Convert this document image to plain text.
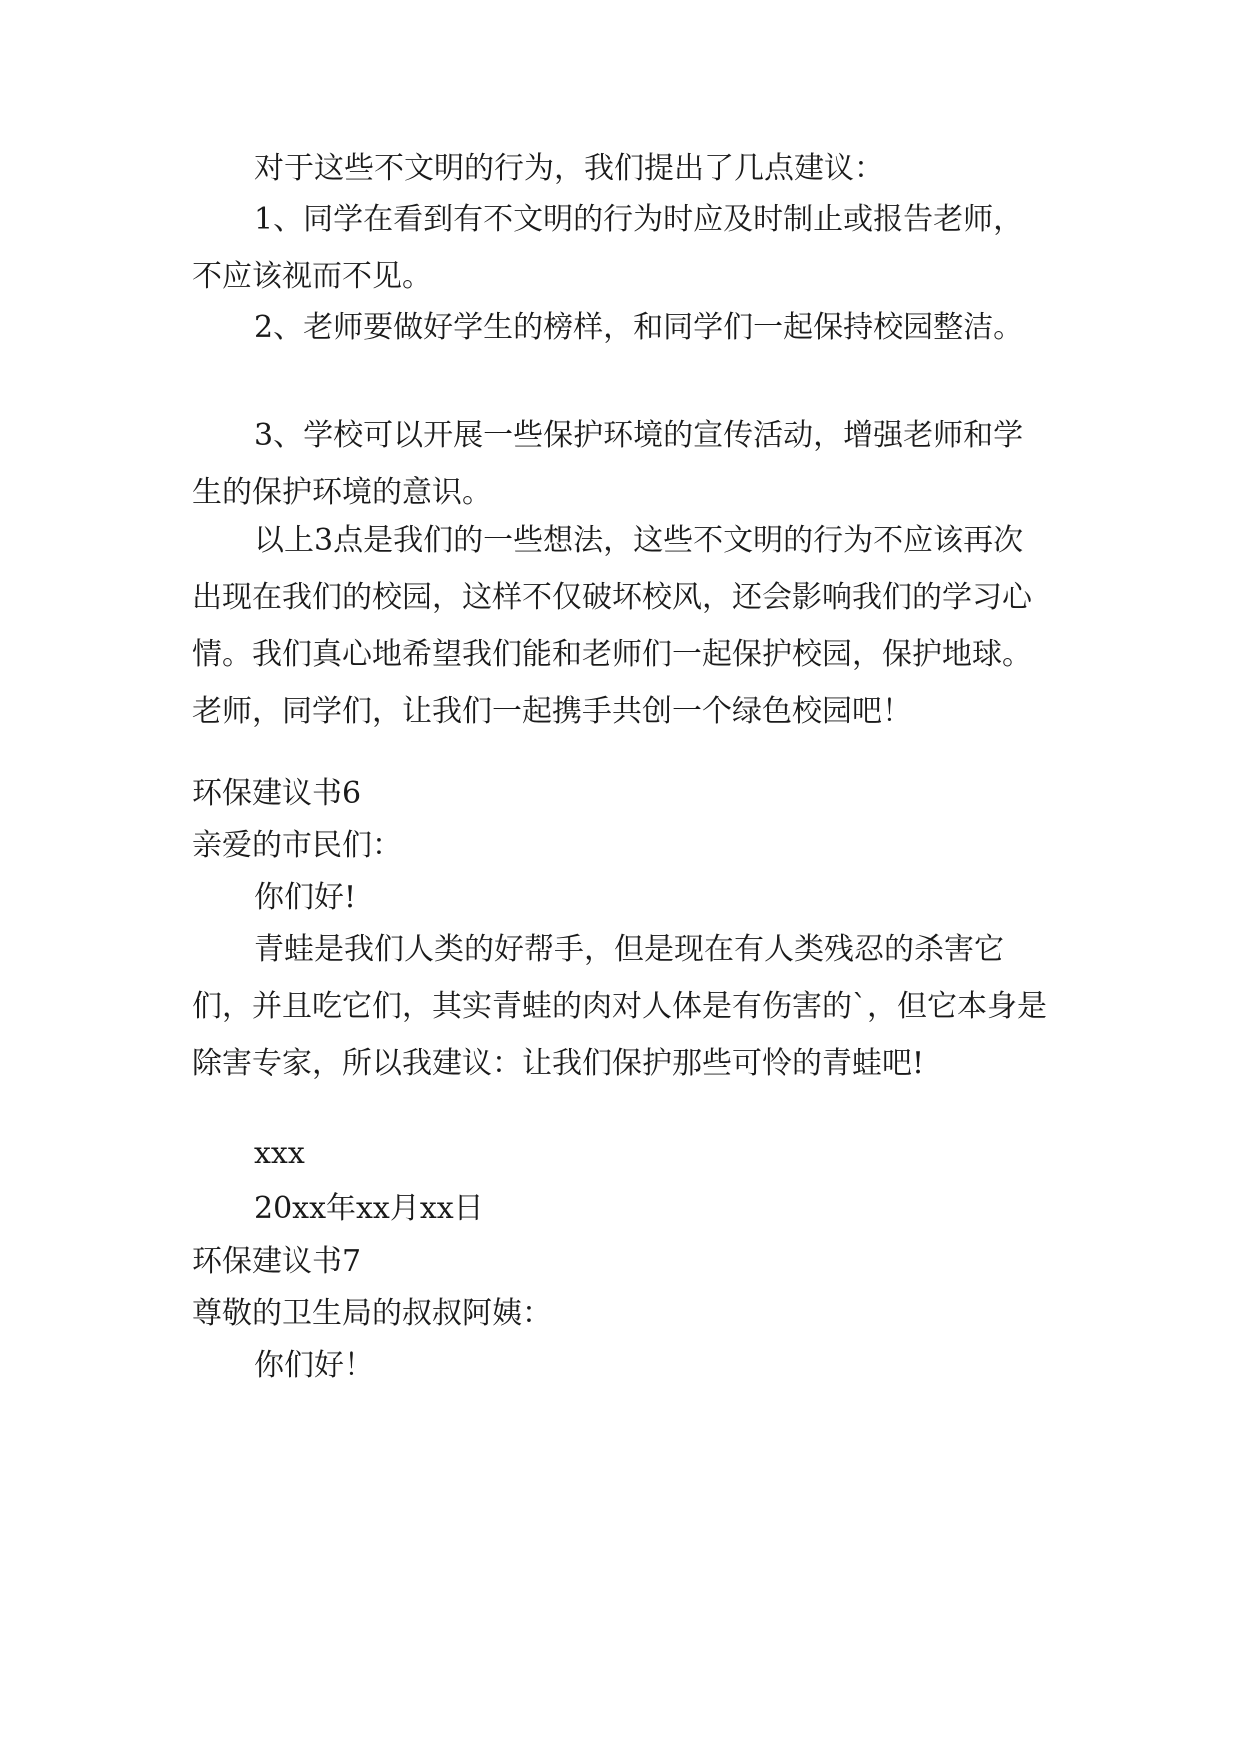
对于这些不文明的行为，我们提出了几点建议：

1、同学在看到有不文明的行为时应及时制止或报告老师，不应该视而不见。

2、老师要做好学生的榜样，和同学们一起保持校园整洁。

3、学校可以开展一些保护环境的宣传活动，增强老师和学生的保护环境的意识。

以上3点是我们的一些想法，这些不文明的行为不应该再次出现在我们的校园，这样不仅破坏校风，还会影响我们的学习心情。我们真心地希望我们能和老师们一起保护校园，保护地球。老师，同学们，让我们一起携手共创一个绿色校园吧！

环保建议书6

亲爱的市民们：

你们好!

青蛙是我们人类的好帮手，但是现在有人类残忍的杀害它们，并且吃它们，其实青蛙的肉对人体是有伤害的`，但它本身是除害专家，所以我建议：让我们保护那些可怜的青蛙吧!

xxx

20xx年xx月xx日

环保建议书7

尊敬的卫生局的叔叔阿姨：

你们好！
